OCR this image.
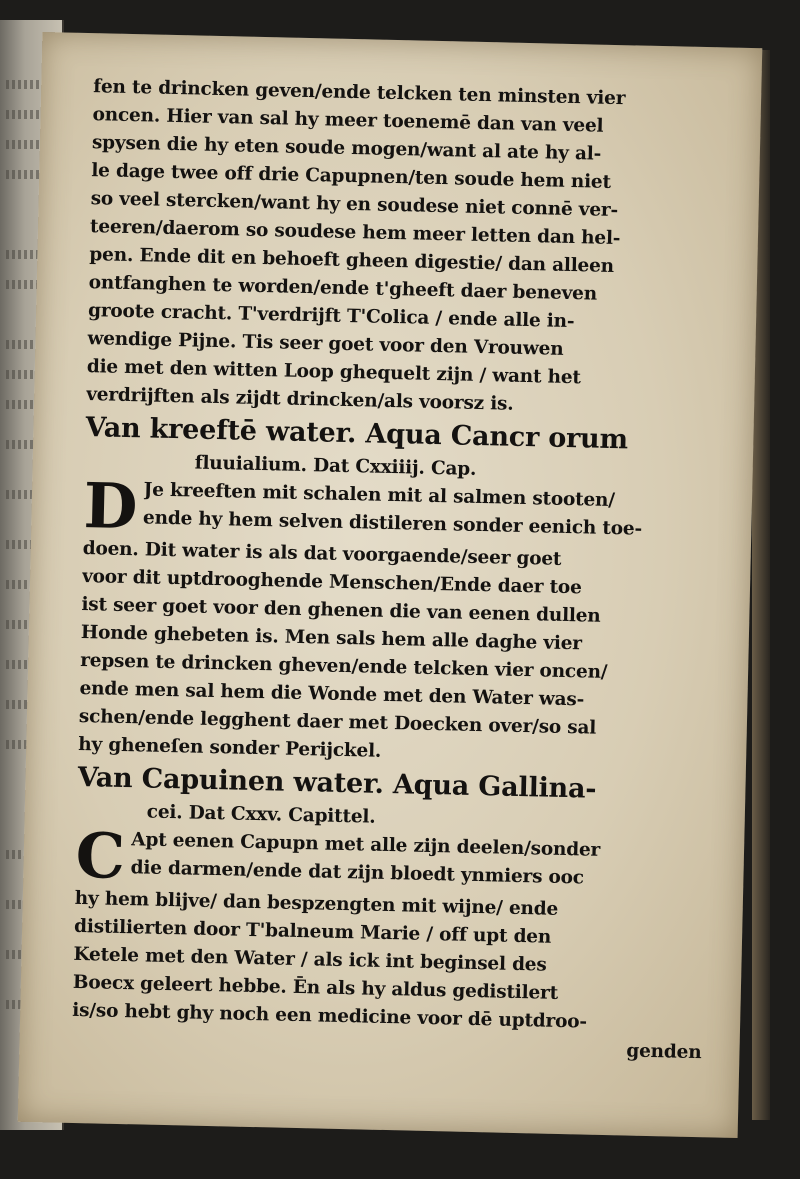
fen te drincken geven/ende telcken ten minsten vier
oncen. Hier van sal hy meer toenemē dan van veel
spysen die hy eten soude mogen/want al ate hy al-
le dage twee off drie Capupnen/ten soude hem niet
so veel stercken/want hy en soudese niet connē ver-
teeren/daerom so soudese hem meer letten dan hel-
pen. Ende dit en behoeft gheen digestie/ dan alleen
ontfanghen te worden/ende t'gheeft daer beneven
groote cracht. T'verdrijft T'Colica / ende alle in-
wendige Pijne. Tis seer goet voor den Vrouwen
die met den witten Loop ghequelt zijn / want het
verdrijften als zijdt drincken/als voorsz is.
Van kreeftē water. Aqua Cancr orum
fluuialium. Dat Cxxiiij. Cap.
D Je kreeften mit schalen mit al salmen stooten/
ende hy hem selven distileren sonder eenich toe-
doen. Dit water is als dat voorgaende/seer goet
voor dit uptdrooghende Menschen/Ende daer toe
ist seer goet voor den ghenen die van eenen dullen
Honde ghebeten is. Men sals hem alle daghe vier
repsen te drincken gheven/ende telcken vier oncen/
ende men sal hem die Wonde met den Water was-
schen/ende legghent daer met Doecken over/so sal
hy gheneſen sonder Perijckel.
Van Capuinen water. Aqua Gallina-
cei. Dat Cxxv. Capittel.
C Apt eenen Capupn met alle zijn deelen/sonder
die darmen/ende dat zijn bloedt ynmiers ooc
hy hem blijve/ dan bespzengten mit wijne/ ende
distilierten door T'balneum Marie / off upt den
Ketele met den Water / als ick int beginsel des
Boecx geleert hebbe. Ēn als hy aldus gedistilert
is/so hebt ghy noch een medicine voor dē uptdroo-
genden
